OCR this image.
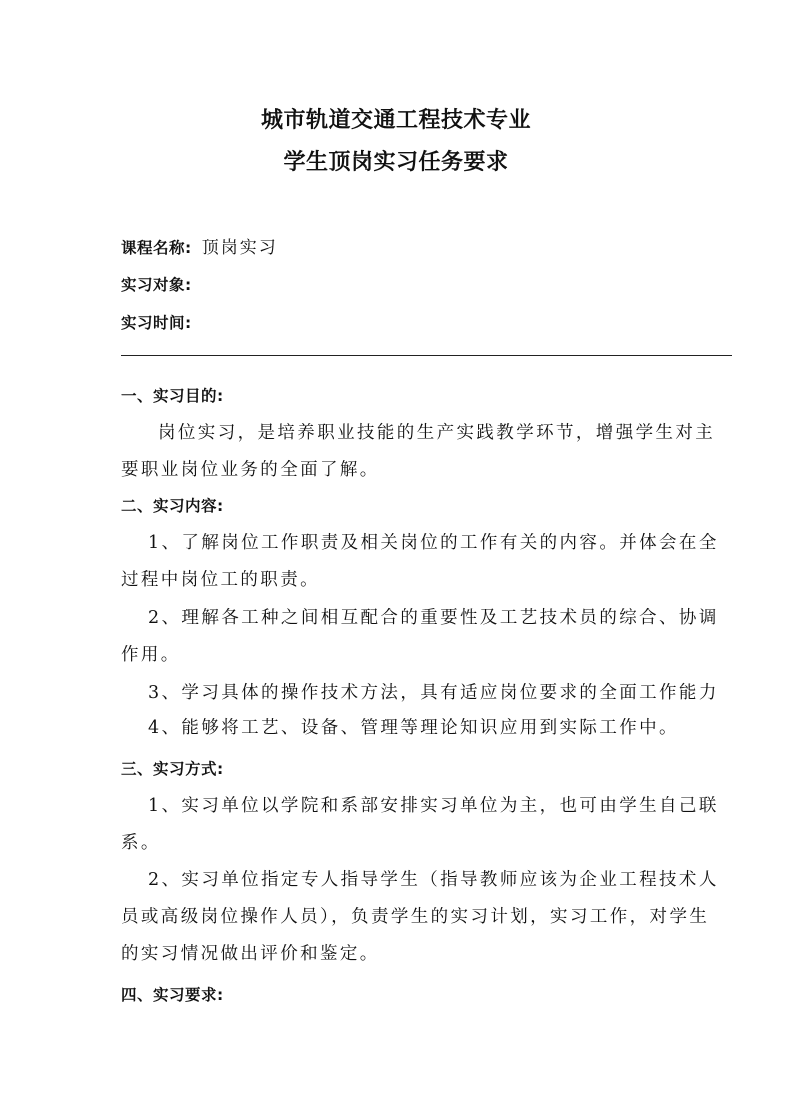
城市轨道交通工程技术专业
学生顶岗实习任务要求
课程名称: 顶岗实习
实习对象:
实习时间:
一、实习目的:
岗位实习，是培养职业技能的生产实践教学环节，增强学生对主
要职业岗位业务的全面了解。
二、实习内容:
1、了解岗位工作职责及相关岗位的工作有关的内容。并体会在全
过程中岗位工的职责。
2、理解各工种之间相互配合的重要性及工艺技术员的综合、协调
作用。
3、学习具体的操作技术方法，具有适应岗位要求的全面工作能力
4、能够将工艺、设备、管理等理论知识应用到实际工作中。
三、实习方式:
1、实习单位以学院和系部安排实习单位为主，也可由学生自己联
系。
2、实习单位指定专人指导学生（指导教师应该为企业工程技术人
员或高级岗位操作人员），负责学生的实习计划，实习工作，对学生
的实习情况做出评价和鉴定。
四、实习要求:
